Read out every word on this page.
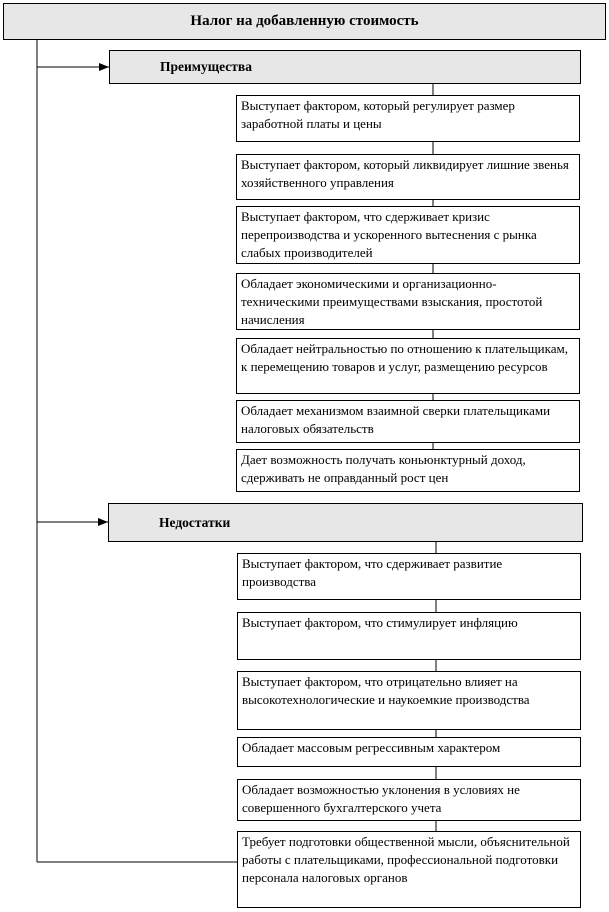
Налог на добавленную стоимость
Преимущества
Выступает фактором, который регулирует размер заработной платы и цены
Выступает фактором, который ликвидирует лишние звенья хозяйственного управления
Выступает фактором, что сдерживает кризис перепроизводства и ускоренного вытеснения с рынка слабых производителей
Обладает экономическими и организационно-техническими преимуществами взыскания, простотой начисления
Обладает нейтральностью по отношению к плательщикам, к перемещению товаров и услуг, размещению ресурсов
Обладает механизмом взаимной сверки плательщиками налоговых обязательств
Дает возможность получать коньюнктурный доход, сдерживать не оправданный рост цен
Недостатки
Выступает фактором, что сдерживает развитие производства
Выступает фактором, что стимулирует инфляцию
Выступает фактором, что отрицательно влияет на высокотехнологические и наукоемкие производства
Обладает массовым регрессивным характером
Обладает возможностью уклонения в условиях не совершенного бухгалтерского учета
Требует подготовки общественной мысли, объяснительной работы с плательщиками, профессиональной подготовки персонала налоговых органов
